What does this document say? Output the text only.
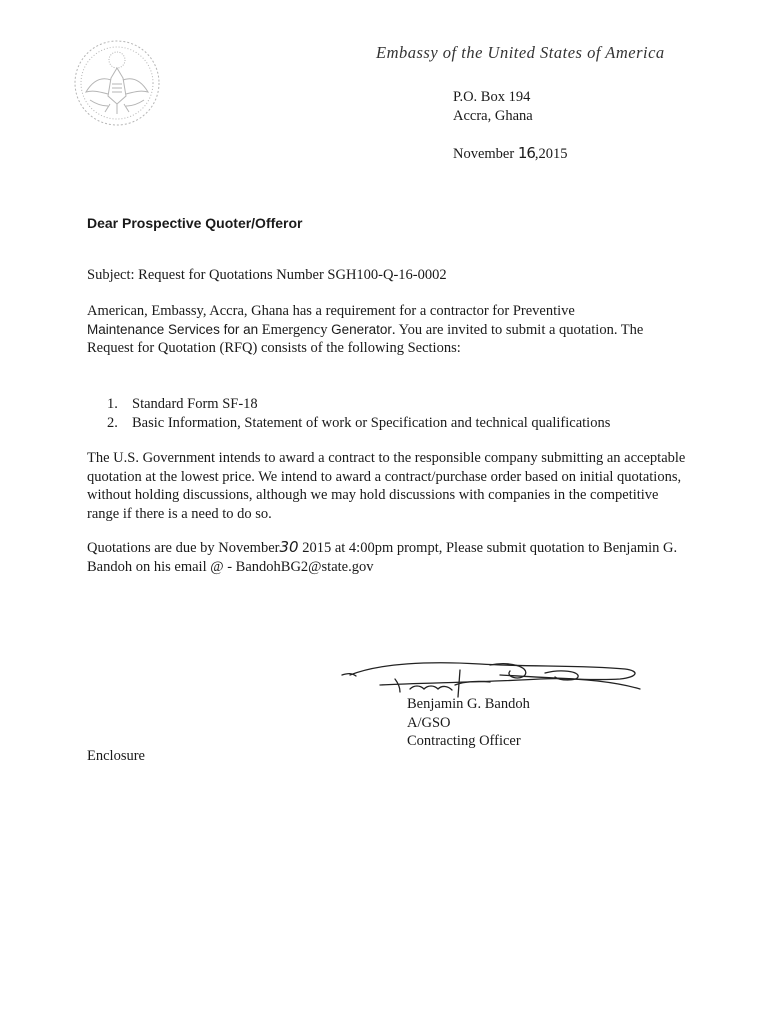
Embassy of the United States of America
P.O. Box 194
Accra, Ghana
November 16,2015
Dear Prospective Quoter/Offeror
Subject: Request for Quotations Number SGH100-Q-16-0002
American, Embassy, Accra, Ghana has a requirement for a contractor for Preventive
Maintenance Services for an Emergency Generator. You are invited to submit a quotation. The Request for Quotation (RFQ) consists of the following Sections:
1. Standard Form SF-18
2. Basic Information, Statement of work or Specification and technical qualifications
The U.S. Government intends to award a contract to the responsible company submitting an acceptable quotation at the lowest price. We intend to award a contract/purchase order based on initial quotations, without holding discussions, although we may hold discussions with companies in the competitive range if there is a need to do so.
Quotations are due by November30 2015 at 4:00pm prompt, Please submit quotation to Benjamin G. Bandoh on his email @ - BandohBG2@state.gov
Benjamin G. Bandoh
A/GSO
Contracting Officer
Enclosure
